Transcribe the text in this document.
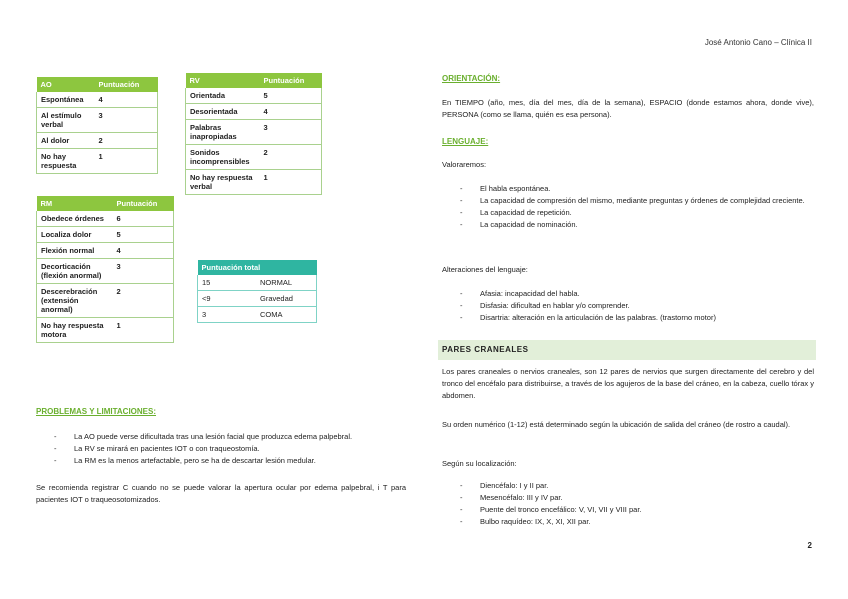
José Antonio Cano – Clínica II
AO	Puntuación
Espontánea	4
Al estímulo verbal	3
Al dolor	2
No hay respuesta	1
RV	Puntuación
Orientada	5
Desorientada	4
Palabras inapropiadas	3
Sonidos incomprensibles	2
No hay respuesta verbal	1
RM	Puntuación
Obedece órdenes	6
Localiza dolor	5
Flexión normal	4
Decorticación (flexión anormal)	3
Descerebración (extensión anormal)	2
No hay respuesta motora	1
Puntuación total	
15	NORMAL
<9	Gravedad
3	COMA
PROBLEMAS Y LIMITACIONES:
- La AO puede verse dificultada tras una lesión facial que produzca edema palpebral.
- La RV se mirará en pacientes IOT o con traqueostomía.
- La RM es la menos artefactable, pero se ha de descartar lesión medular.
Se recomienda registrar C cuando no se puede valorar la apertura ocular por edema palpebral, i T para pacientes IOT o traqueosotomizados.
ORIENTACIÓN:
En TIEMPO (año, mes, día del mes, día de la semana), ESPACIO (donde estamos ahora, donde vive), PERSONA (como se llama, quién es esa persona).
LENGUAJE:
Valoraremos:
- El habla espontánea.
- La capacidad de compresión del mismo, mediante preguntas y órdenes de complejidad creciente.
- La capacidad de repetición.
- La capacidad de nominación.
Alteraciones del lenguaje:
- Afasia: incapacidad del habla.
- Disfasia: dificultad en hablar y/o comprender.
- Disartria: alteración en la articulación de las palabras. (trastorno motor)
PARES CRANEALES
Los pares craneales o nervios craneales, son 12 pares de nervios que surgen directamente del cerebro y del tronco del encéfalo para distribuirse, a través de los agujeros de la base del cráneo, en la cabeza, cuello tórax y abdomen.
Su orden numérico (1-12) está determinado según la ubicación de salida del cráneo (de rostro a caudal).
Según su localización:
- Diencéfalo: I y II par.
- Mesencéfalo: III y IV par.
- Puente del tronco encefálico: V, VI, VII y VIII par.
- Bulbo raquídeo: IX, X, XI, XII par.
2
